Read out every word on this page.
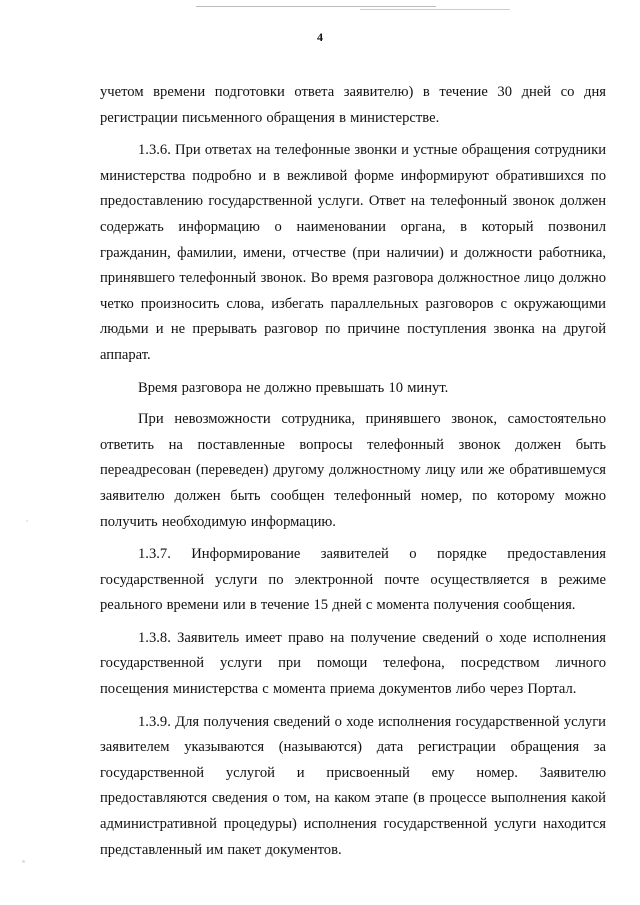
4

учетом времени подготовки ответа заявителю) в течение 30 дней со дня регистрации письменного обращения в министерстве.

1.3.6. При ответах на телефонные звонки и устные обращения сотрудники министерства подробно и в вежливой форме информируют обратившихся по предоставлению государственной услуги. Ответ на телефонный звонок должен содержать информацию о наименовании органа, в который позвонил гражданин, фамилии, имени, отчестве (при наличии) и должности работника, принявшего телефонный звонок. Во время разговора должностное лицо должно четко произносить слова, избегать параллельных разговоров с окружающими людьми и не прерывать разговор по причине поступления звонка на другой аппарат.

Время разговора не должно превышать 10 минут.

При невозможности сотрудника, принявшего звонок, самостоятельно ответить на поставленные вопросы телефонный звонок должен быть переадресован (переведен) другому должностному лицу или же обратившемуся заявителю должен быть сообщен телефонный номер, по которому можно получить необходимую информацию.

1.3.7. Информирование заявителей о порядке предоставления государственной услуги по электронной почте осуществляется в режиме реального времени или в течение 15 дней с момента получения сообщения.

1.3.8. Заявитель имеет право на получение сведений о ходе исполнения государственной услуги при помощи телефона, посредством личного посещения министерства с момента приема документов либо через Портал.

1.3.9. Для получения сведений о ходе исполнения государственной услуги заявителем указываются (называются) дата регистрации обращения за государственной услугой и присвоенный ему номер. Заявителю предоставляются сведения о том, на каком этапе (в процессе выполнения какой административной процедуры) исполнения государственной услуги находится представленный им пакет документов.
